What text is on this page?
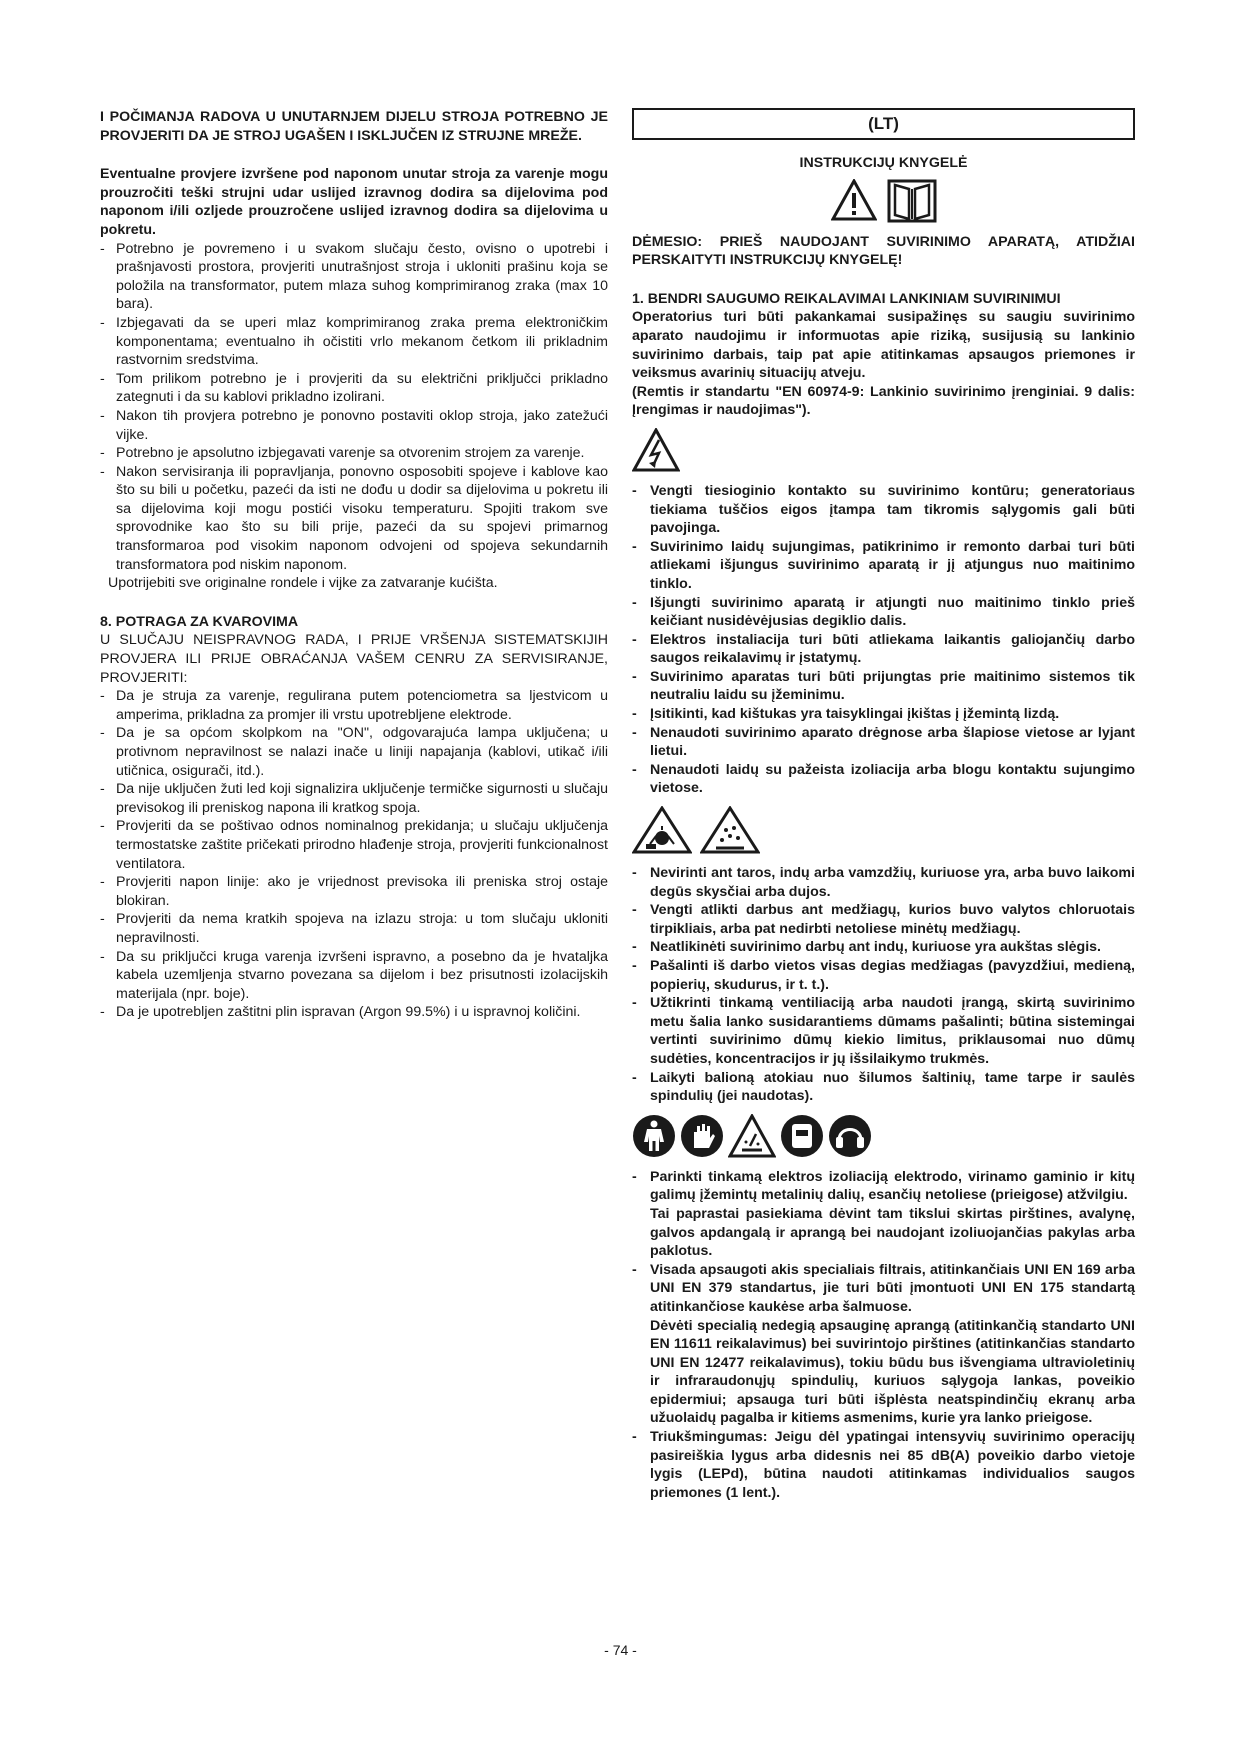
I POČIMANJA RADOVA U UNUTARNJEM DIJELU STROJA POTREBNO JE PROVJERITI DA JE STROJ UGAŠEN I ISKLJUČEN IZ STRUJNE MREŽE.

Eventualne provjere izvršene pod naponom unutar stroja za varenje mogu prouzročiti teški strujni udar uslijed izravnog dodira sa dijelovima pod naponom i/ili ozljede prouzročene uslijed izravnog dodira sa dijelovima u pokretu.

- Potrebno je povremeno i u svakom slučaju često, ovisno o upotrebi i prašnjavosti prostora, provjeriti unutrašnjost stroja i ukloniti prašinu koja se položila na transformator, putem mlaza suhog komprimiranog zraka (max 10 bara).
- Izbjegavati da se uperi mlaz komprimiranog zraka prema elektroničkim komponentama; eventualno ih očistiti vrlo mekanom četkom ili prikladnim rastvornim sredstvima.
- Tom prilikom potrebno je i provjeriti da su električni priključci prikladno zategnuti i da su kablovi prikladno izolirani.
- Nakon tih provjera potrebno je ponovno postaviti oklop stroja, jako zatežući vijke.
- Potrebno je apsolutno izbjegavati varenje sa otvorenim strojem za varenje.
- Nakon servisiranja ili popravljanja, ponovno osposobiti spojeve i kablove kao što su bili u početku, pazeći da isti ne dođu u dodir sa dijelovima u pokretu ili sa dijelovima koji mogu postići visoku temperaturu. Spojiti trakom sve sprovodnike kao što su bili prije, pazeći da su spojevi primarnog transformaroa pod visokim naponom odvojeni od spojeva sekundarnih transformatora pod niskim naponom.

Upotrijebiti sve originalne rondele i vijke za zatvaranje kućišta.

8. POTRAGA ZA KVAROVIMA

U SLUČAJU NEISPRAVNOG RADA, I PRIJE VRŠENJA SISTEMATSKIJIH PROVJERA ILI PRIJE OBRAĆANJA VAŠEM CENRU ZA SERVISIRANJE, PROVJERITI:

- Da je struja za varenje, regulirana putem potenciometra sa ljestvicom u amperima, prikladna za promjer ili vrstu upotrebljene elektrode.
- Da je sa općom skolpkom na "ON", odgovarajuća lampa uključena; u protivnom nepravilnost se nalazi inače u liniji napajanja (kablovi, utikač i/ili utičnica, osigurači, itd.).
- Da nije uključen žuti led koji signalizira uključenje termičke sigurnosti u slučaju previsokog ili preniskog napona ili kratkog spoja.
- Provjeriti da se poštivao odnos nominalnog prekidanja; u slučaju uključenja termostatske zaštite pričekati prirodno hlađenje stroja, provjeriti funkcionalnost ventilatora.
- Provjeriti napon linije: ako je vrijednost previsoka ili preniska stroj ostaje blokiran.
- Provjeriti da nema kratkih spojeva na izlazu stroja: u tom slučaju ukloniti nepravilnosti.
- Da su priključci kruga varenja izvršeni ispravno, a posebno da je hvataljka kabela uzemljenja stvarno povezana sa dijelom i bez prisutnosti izolacijskih materijala (npr. boje).
- Da je upotrebljen zaštitni plin ispravan (Argon 99.5%) i u ispravnoj količini.
(LT)

INSTRUKCIJŲ KNYGELĖ

DĖMESIO: PRIEŠ NAUDOJANT SUVIRINIMO APARATĄ, ATIDŽIAI PERSKAITYTI INSTRUKCIJŲ KNYGELĘ!

1. BENDRI SAUGUMO REIKALAVIMAI LANKINIAM SUVIRINIMUI

Operatorius turi būti pakankamai susipažinęs su saugiu suvirinimo aparato naudojimu ir informuotas apie riziką, susijusią su lankinio suvirinimo darbais, taip pat apie atitinkamas apsaugos priemones ir veiksmus avarinių situacijų atveju.

(Remtis ir standartu "EN 60974-9: Lankinio suvirinimo įrenginiai. 9 dalis: Įrengimas ir naudojimas").

- Vengti tiesioginio kontakto su suvirinimo kontūru; generatoriaus tiekiama tuščios eigos įtampa tam tikromis sąlygomis gali būti pavojinga.
- Suvirinimo laidų sujungimas, patikrinimo ir remonto darbai turi būti atliekami išjungus suvirinimo aparatą ir jį atjungus nuo maitinimo tinklo.
- Išjungti suvirinimo aparatą ir atjungti nuo maitinimo tinklo prieš keičiant nusidėvėjusias degiklio dalis.
- Elektros instaliacija turi būti atliekama laikantis galiojančių darbo saugos reikalavimų ir įstatymų.
- Suvirinimo aparatas turi būti prijungtas prie maitinimo sistemos tik neutraliu laidu su įžeminimu.
- Įsitikinti, kad kištukas yra taisyklingai įkištas į įžemintą lizdą.
- Nenaudoti suvirinimo aparato drėgnose arba šlapiose vietose ar lyjant lietui.
- Nenaudoti laidų su pažeista izoliacija arba blogu kontaktu sujungimo vietose.
- Nevirinti ant taros, indų arba vamzdžių, kuriuose yra, arba buvo laikomi degūs skysčiai arba dujos.
- Vengti atlikti darbus ant medžiagų, kurios buvo valytos chloruotais tirpikliais, arba pat nedirbti netoliese minėtų medžiagų.
- Neatlikinėti suvirinimo darbų ant indų, kuriuose yra aukštas slėgis.
- Pašalinti iš darbo vietos visas degias medžiagas (pavyzdžiui, medieną, popierių, skudurus, ir t. t.).
- Užtikrinti tinkamą ventiliaciją arba naudoti įrangą, skirtą suvirinimo metu šalia lanko susidarantiems dūmams pašalinti; būtina sistemingai vertinti suvirinimo dūmų kiekio limitus, priklausomai nuo dūmų sudėties, koncentracijos ir jų išsilaikymo trukmės.
- Laikyti balioną atokiau nuo šilumos šaltinių, tame tarpe ir saulės spindulių (jei naudotas).
- Parinkti tinkamą elektros izoliaciją elektrodo, virinamo gaminio ir kitų galimų įžemintų metalinių dalių, esančių netoliese (prieigose) atžvilgiu.

Tai paprastai pasiekiama dėvint tam tikslui skirtas pirštines, avalynę, galvos apdangalą ir aprangą bei naudojant izoliuojančias pakylas arba paklotus.

- Visada apsaugoti akis specialiais filtrais, atitinkančiais UNI EN 169 arba UNI EN 379 standartus, jie turi būti įmontuoti UNI EN 175 standartą atitinkančiose kaukėse arba šalmuose.

Dėvėti specialią nedegią apsauginę aprangą (atitinkančią standarto UNI EN 11611 reikalavimus) bei suvirintojo pirštines (atitinkančias standarto UNI EN 12477 reikalavimus), tokiu būdu bus išvengiama ultravioletinių ir infraraudonųjų spindulių, kuriuos sąlygoja lankas, poveikio epidermiui; apsauga turi būti išplėsta neatspindinčių ekranų arba užuolaidų pagalba ir kitiems asmenims, kurie yra lanko prieigose.

- Triukšmingumas: Jeigu dėl ypatingai intensyvių suvirinimo operacijų pasireiškia lygus arba didesnis nei 85 dB(A) poveikio darbo vietoje lygis (LEPd), būtina naudoti atitinkamas individualios saugos priemones (1 lent.).
- 74 -
